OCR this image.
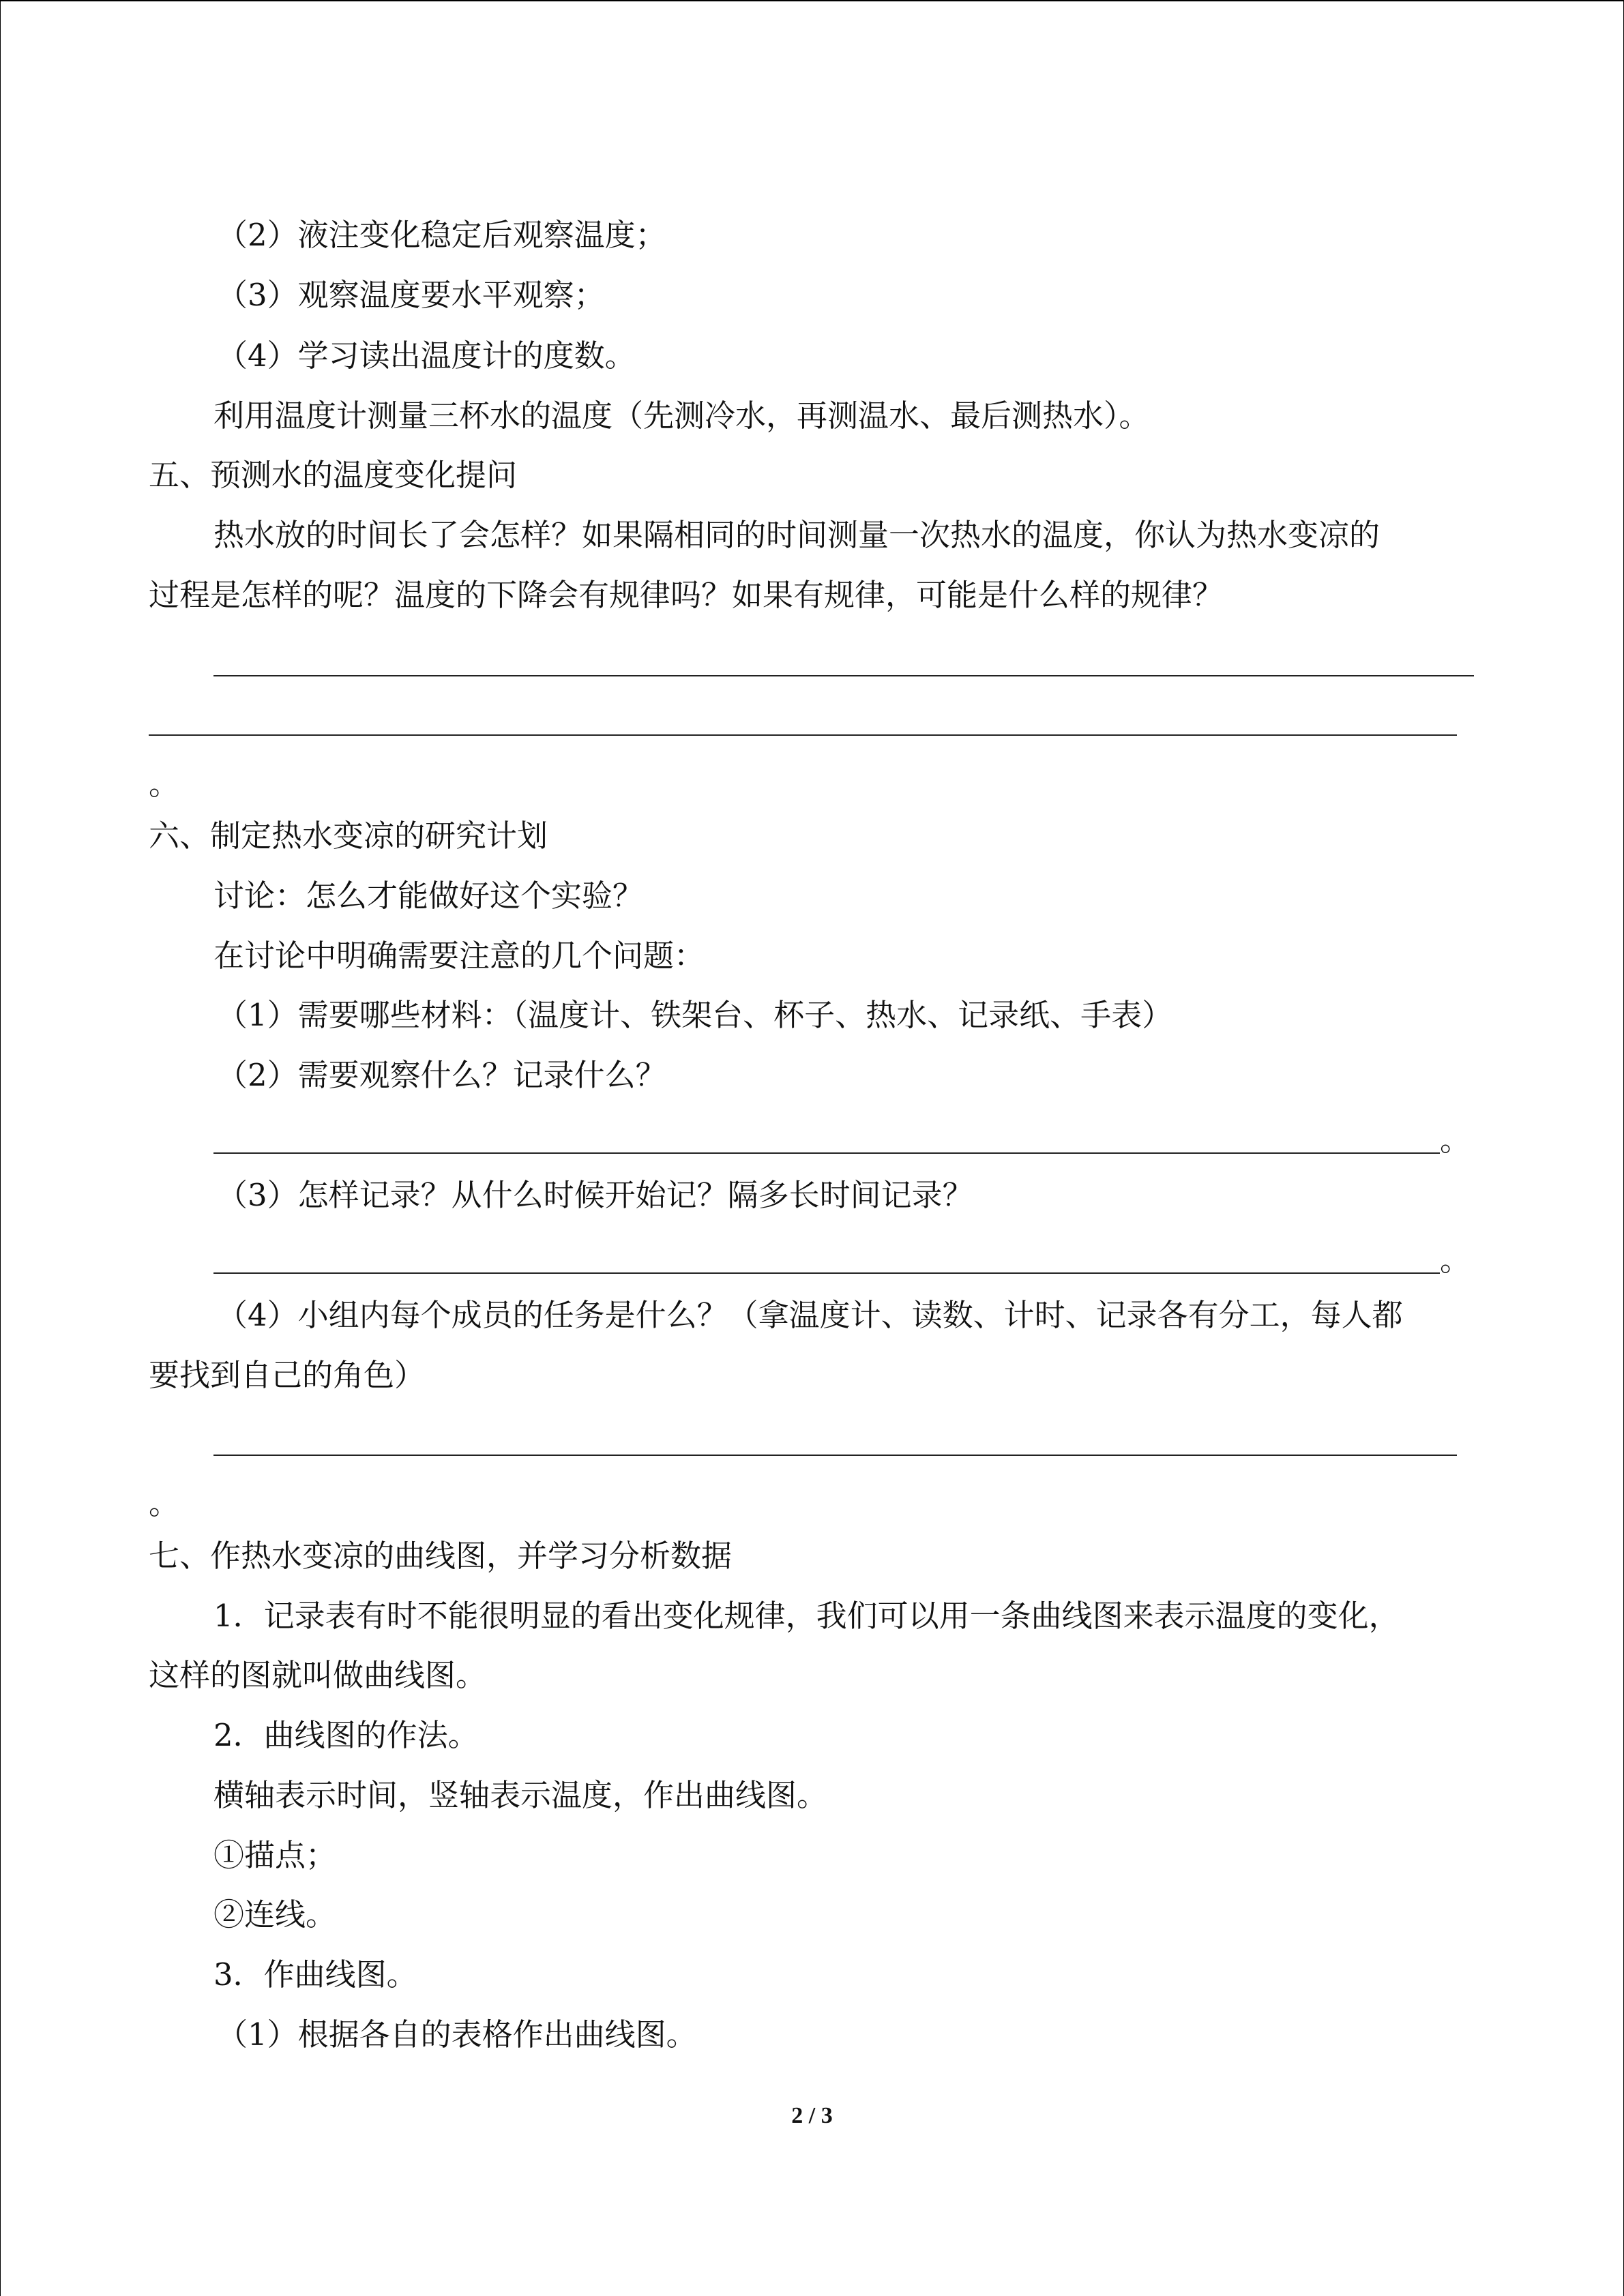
（2）液注变化稳定后观察温度；
（3）观察温度要水平观察；
（4）学习读出温度计的度数。
利用温度计测量三杯水的温度（先测冷水，再测温水、最后测热水）。
五、预测水的温度变化提问
热水放的时间长了会怎样？如果隔相同的时间测量一次热水的温度，你认为热水变凉的
过程是怎样的呢？温度的下降会有规律吗？如果有规律，可能是什么样的规律？
。
六、制定热水变凉的研究计划
讨论：怎么才能做好这个实验？
在讨论中明确需要注意的几个问题：
（1）需要哪些材料：（温度计、铁架台、杯子、热水、记录纸、手表）
（2）需要观察什么？记录什么？
。
（3）怎样记录？从什么时候开始记？隔多长时间记录？
。
（4）小组内每个成员的任务是什么？（拿温度计、读数、计时、记录各有分工，每人都
要找到自己的角色）
。
七、作热水变凉的曲线图，并学习分析数据
1．记录表有时不能很明显的看出变化规律，我们可以用一条曲线图来表示温度的变化，
这样的图就叫做曲线图。
2．曲线图的作法。
横轴表示时间，竖轴表示温度，作出曲线图。
①描点；
②连线。
3．作曲线图。
（1）根据各自的表格作出曲线图。
2 / 3
